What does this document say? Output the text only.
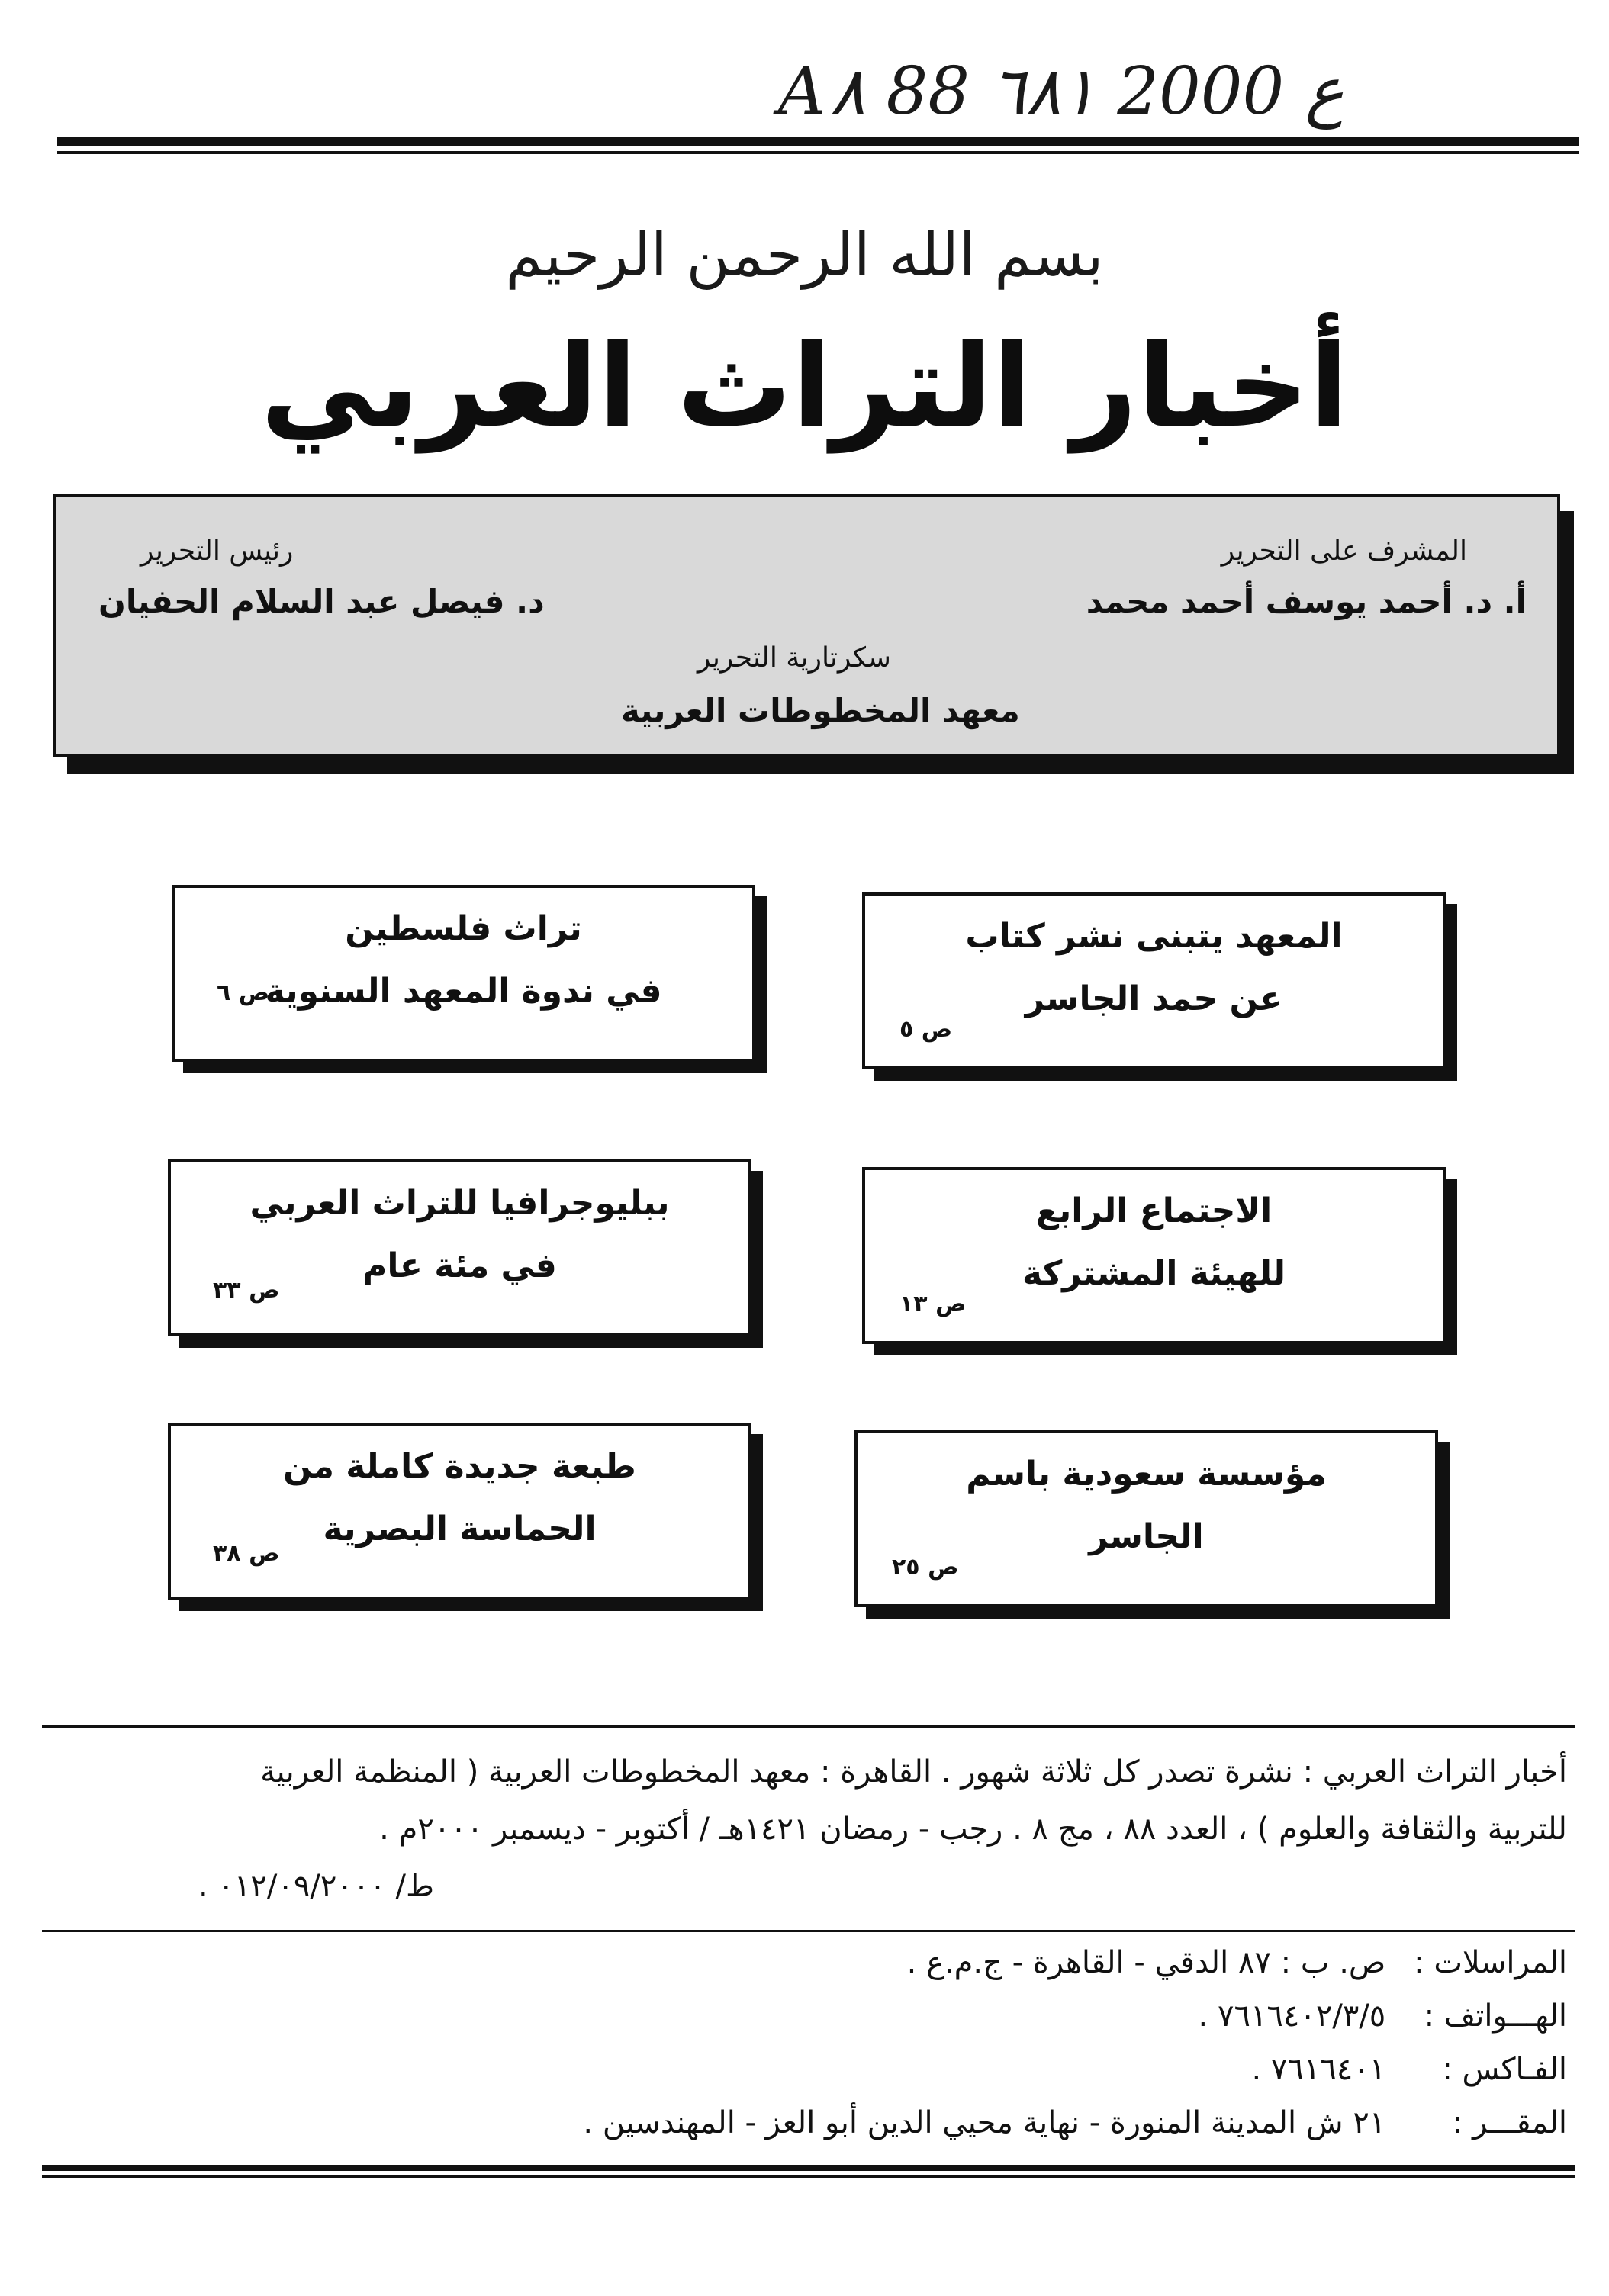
A٨ 88 ع 2000 ٦٨١
بسم الله الرحمن الرحيم
أخبار التراث العربي
المشرف على التحرير
أ. د. أحمد يوسف أحمد محمد
رئيس التحرير
د. فيصل عبد السلام الحفيان
سكرتارية التحرير
معهد المخطوطات العربية
المعهد يتبنى نشر كتاب
عن حمد الجاسر
ص ٥
الاجتماع الرابع
للهيئة المشتركة
ص ١٣
مؤسسة سعودية باسم
الجاسر
ص ٢٥
تراث فلسطين
في ندوة المعهد السنوية
ص ٦
ببليوجرافيا للتراث العربي
في مئة عام
ص ٣٣
طبعة جديدة كاملة من
الحماسة البصرية
ص ٣٨
أخبار التراث العربي : نشرة تصدر كل ثلاثة شهور . القاهرة : معهد المخطوطات العربية ( المنظمة العربية
للتربية والثقافة والعلوم ) ، العدد ٨٨ ، مج ٨ . رجب - رمضان ١٤٢١هـ / أكتوبر - ديسمبر ٢٠٠٠م .
ط/ ٠١٢/٠٩/٢٠٠٠ .
المراسلات : ص. ب : ٨٧ الدقي - القاهرة - ج.م.ع .
الهـــواتف : ٧٦١٦٤٠٢/٣/٥ .
الفـاكس : ٧٦١٦٤٠١ .
المقـــر : ٢١ ش المدينة المنورة - نهاية محيي الدين أبو العز - المهندسين .
